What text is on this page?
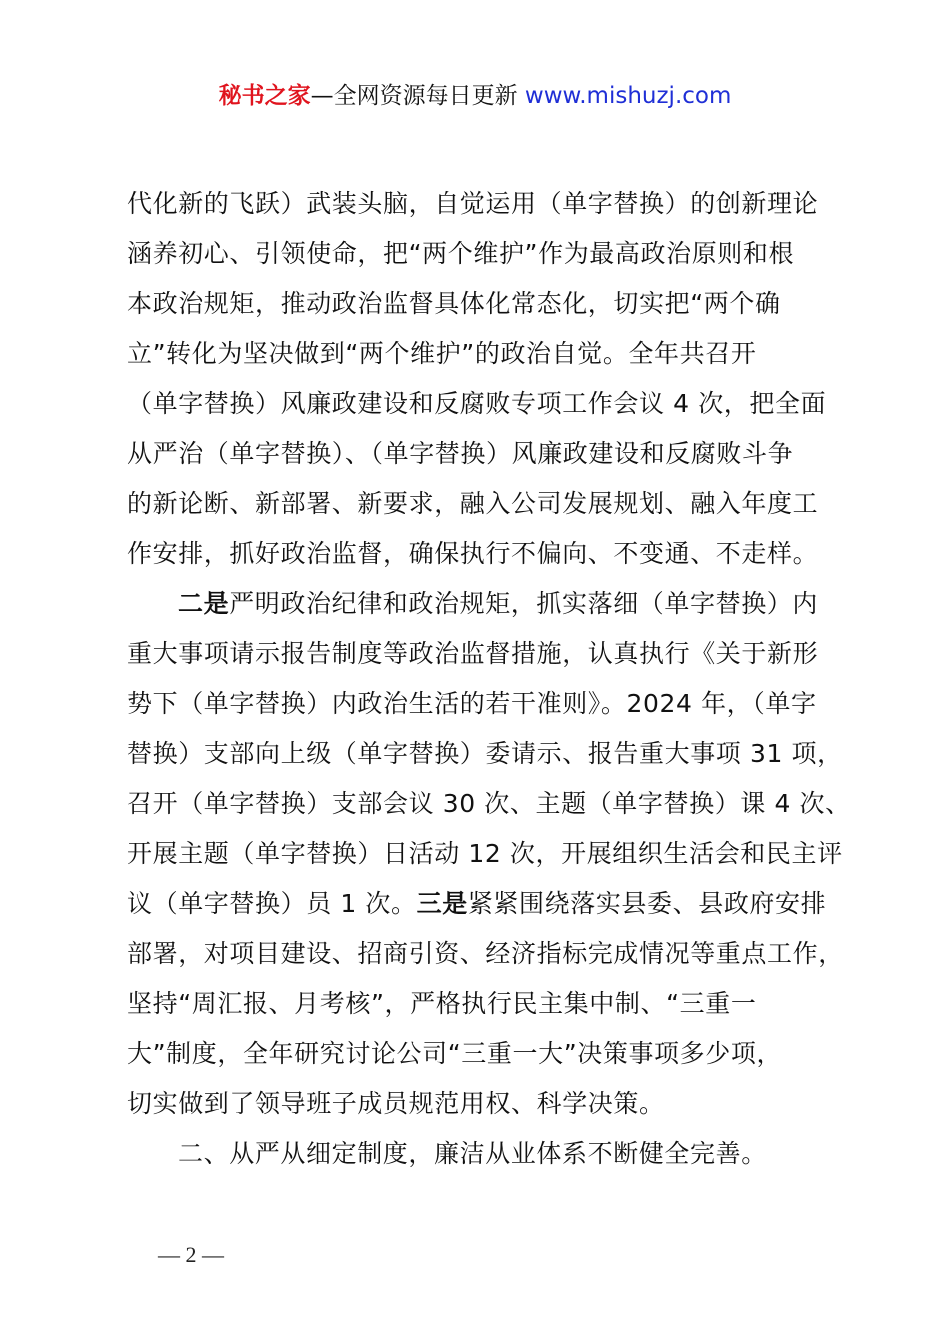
秘书之家—全网资源每日更新 www.mishuzj.com
代化新的飞跃）武装头脑，自觉运用（单字替换）的创新理论
涵养初心、引领使命，把“两个维护”作为最高政治原则和根
本政治规矩，推动政治监督具体化常态化，切实把“两个确
立”转化为坚决做到“两个维护”的政治自觉。全年共召开
（单字替换）风廉政建设和反腐败专项工作会议 4 次，把全面
从严治（单字替换）、（单字替换）风廉政建设和反腐败斗争
的新论断、新部署、新要求，融入公司发展规划、融入年度工
作安排，抓好政治监督，确保执行不偏向、不变通、不走样。
二是严明政治纪律和政治规矩，抓实落细（单字替换）内
重大事项请示报告制度等政治监督措施，认真执行《关于新形
势下（单字替换）内政治生活的若干准则》。2024 年，（单字
替换）支部向上级（单字替换）委请示、报告重大事项 31 项，
召开（单字替换）支部会议 30 次、主题（单字替换）课 4 次、
开展主题（单字替换）日活动 12 次，开展组织生活会和民主评
议（单字替换）员 1 次。三是紧紧围绕落实县委、县政府安排
部署，对项目建设、招商引资、经济指标完成情况等重点工作，
坚持“周汇报、月考核”，严格执行民主集中制、“三重一
大”制度，全年研究讨论公司“三重一大”决策事项多少项，
切实做到了领导班子成员规范用权、科学决策。
二、从严从细定制度，廉洁从业体系不断健全完善。
— 2 —
